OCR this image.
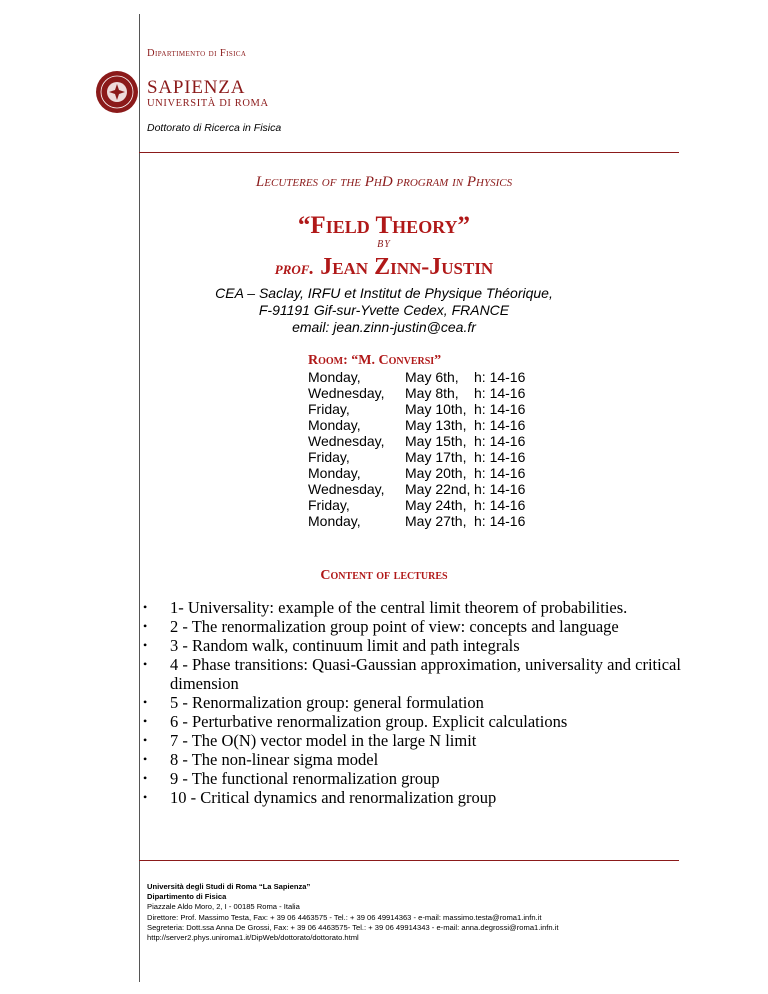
Dipartimento di Fisica
SAPIENZA
UNIVERSITÀ DI ROMA
Dottorato di Ricerca in Fisica
Lecuteres of the PhD program in Physics
“Field Theory”
BY
prof. Jean Zinn-Justin
CEA – Saclay, IRFU et Institut de Physique Théorique,
F-91191 Gif-sur-Yvette Cedex, FRANCE
email: jean.zinn-justin@cea.fr
Room: “M. Conversi”
Monday,	May 6th, h: 14-16
Wednesday, May 8th, h: 14-16
Friday,	May 10th, h: 14-16
Monday,	May 13th, h: 14-16
Wednesday, May 15th, h: 14-16
Friday,	May 17th, h: 14-16
Monday,	May 20th, h: 14-16
Wednesday, May 22nd, h: 14-16
Friday,	May 24th, h: 14-16
Monday,	May 27th, h: 14-16
Content of lectures
• 1- Universality: example of the central limit theorem of probabilities.
• 2 - The renormalization group point of view: concepts and language
• 3 - Random walk, continuum limit and path integrals
• 4 - Phase transitions: Quasi-Gaussian approximation, universality and critical dimension
• 5 - Renormalization group: general formulation
• 6 - Perturbative renormalization group. Explicit calculations
• 7 - The O(N) vector model in the large N limit
• 8 - The non-linear sigma model
• 9 - The functional renormalization group
• 10 - Critical dynamics and renormalization group
Università degli Studi di Roma “La Sapienza”
Dipartimento di Fisica
Piazzale Aldo Moro, 2, I - 00185 Roma - Italia
Direttore: Prof. Massimo Testa, Fax: + 39 06 4463575 - Tel.: + 39 06 49914363 - e-mail: massimo.testa@roma1.infn.it
Segreteria: Dott.ssa Anna De Grossi, Fax: + 39 06 4463575- Tel.: + 39 06 49914343 - e-mail: anna.degrossi@roma1.infn.it
http://server2.phys.uniroma1.it/DipWeb/dottorato/dottorato.html
